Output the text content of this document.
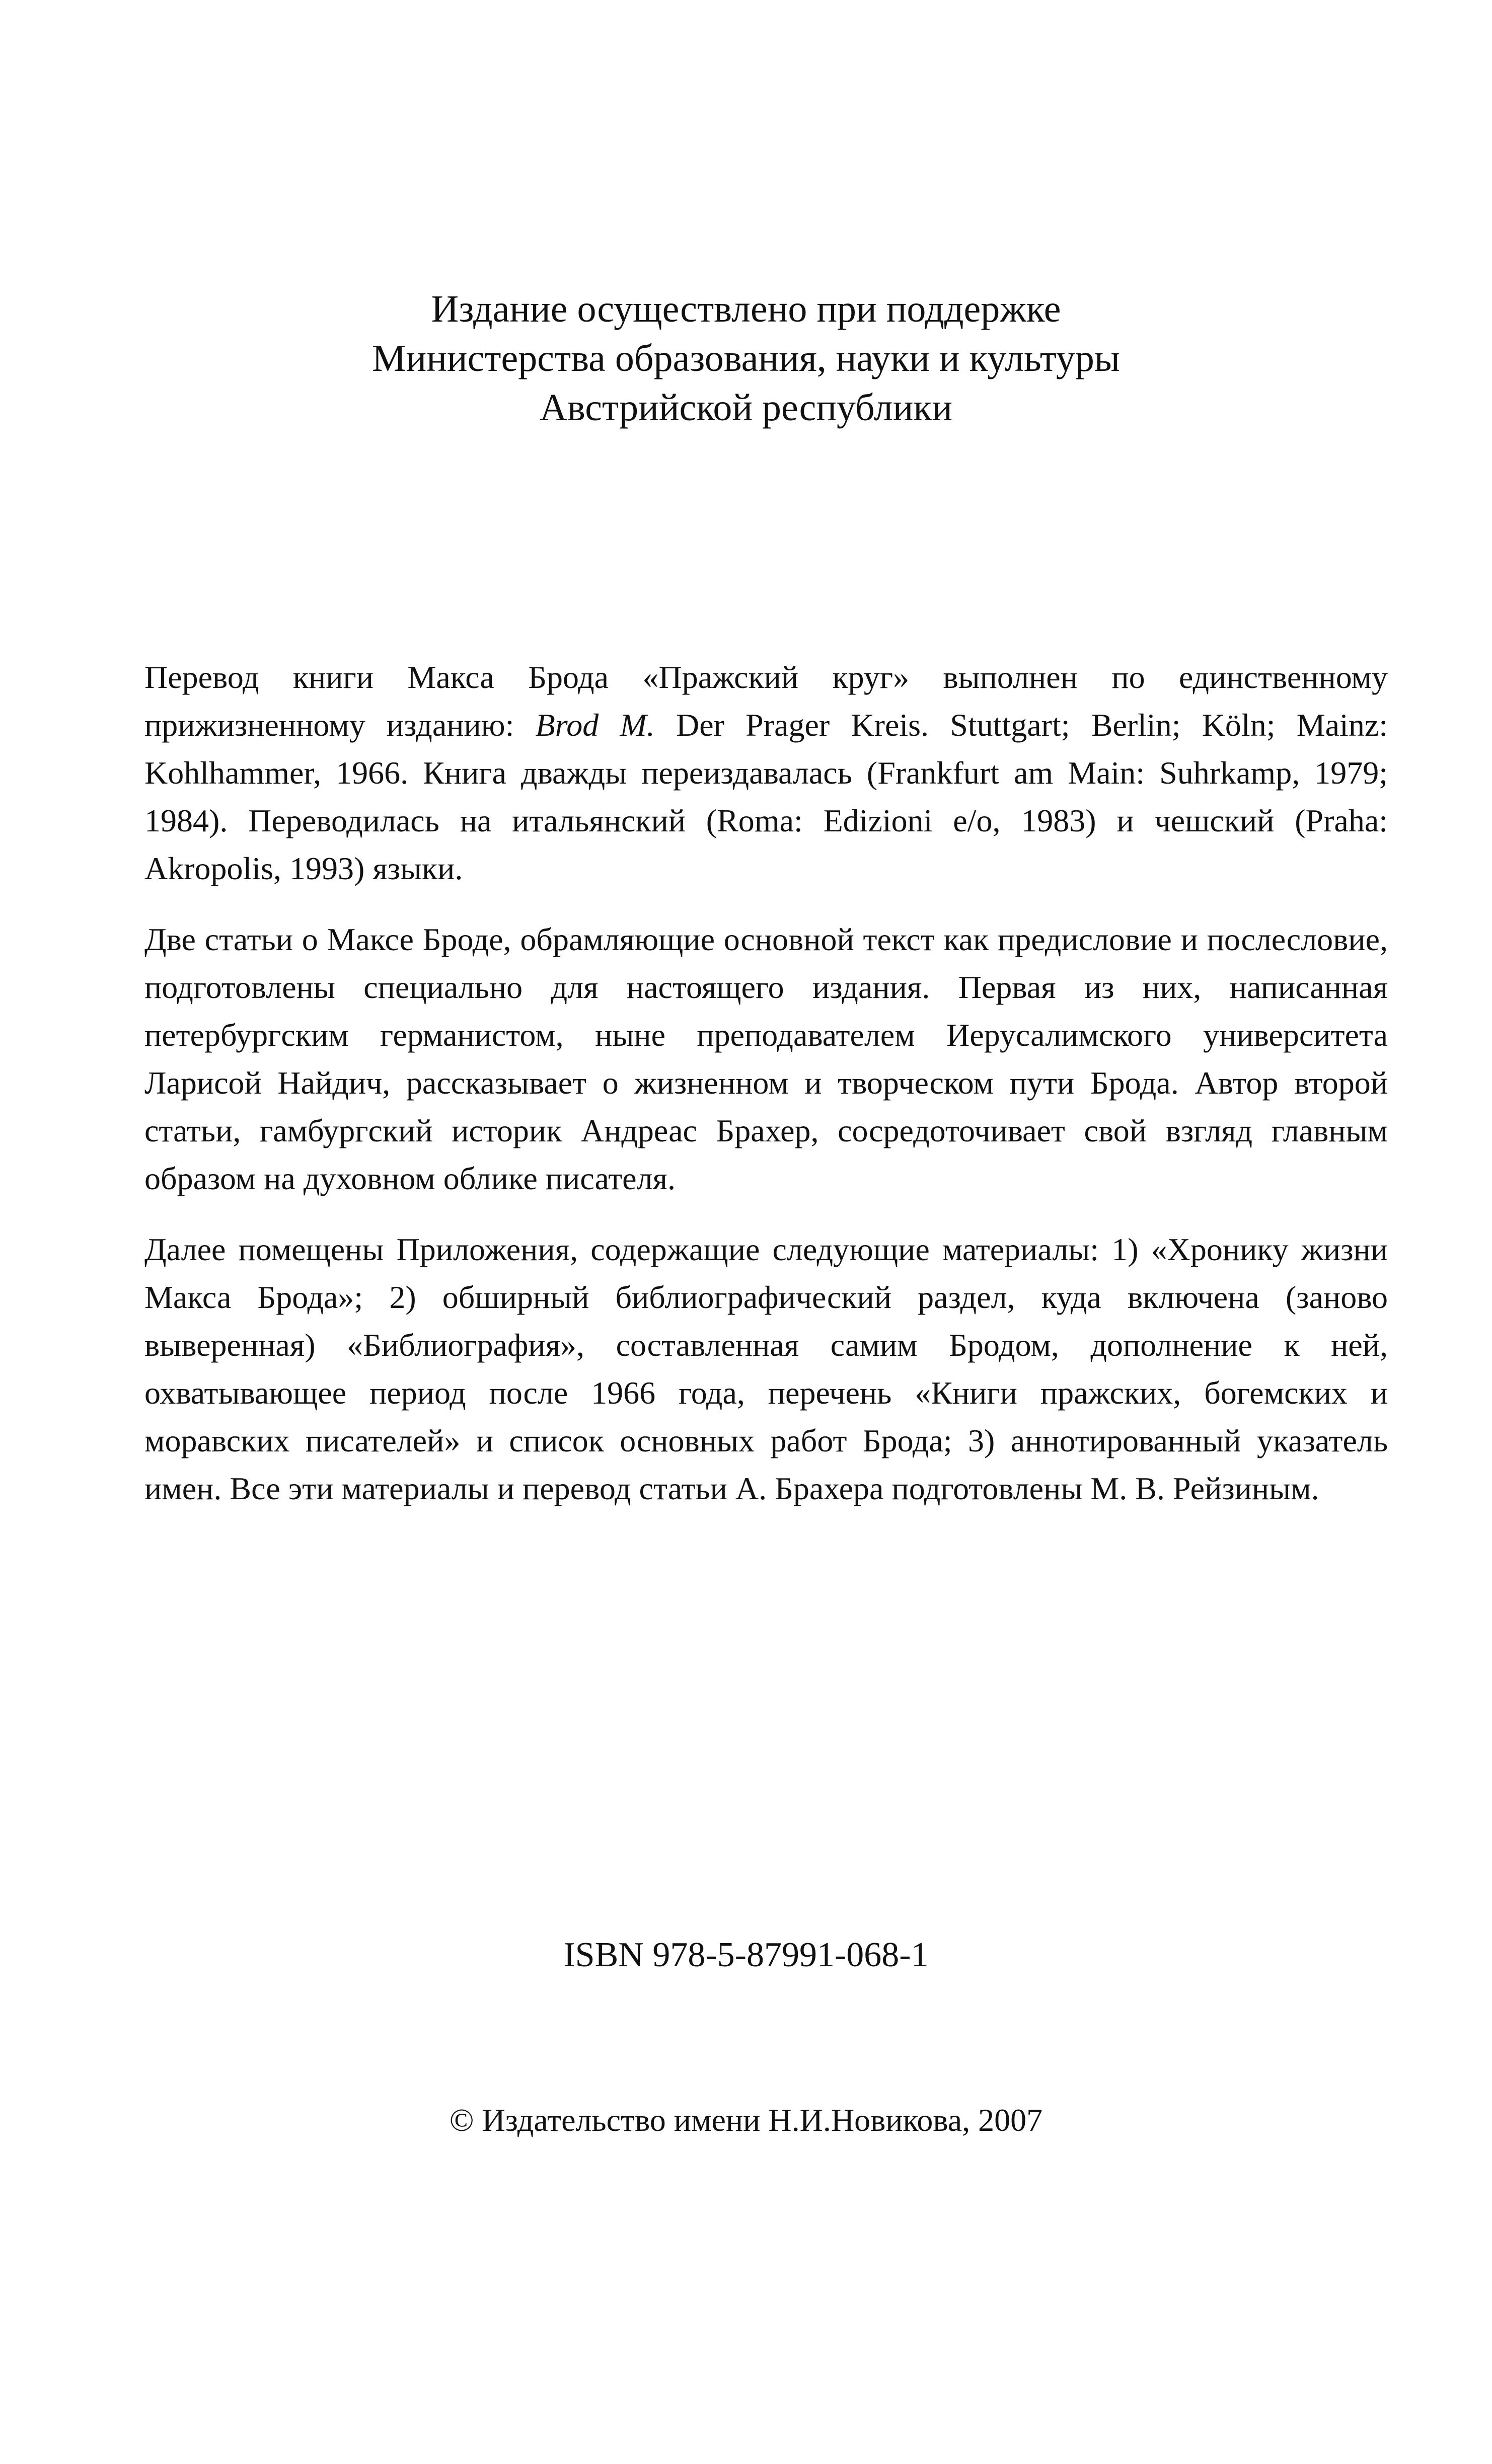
Издание осуществлено при поддержке
Министерства образования, науки и культуры
Австрийской республики

Перевод книги Макса Брода «Пражский круг» выполнен по единственному прижизненному изданию: Brod M. Der Prager Kreis. Stuttgart; Berlin; Köln; Mainz: Kohlhammer, 1966. Книга дважды переиздавалась (Frankfurt am Main: Suhrkamp, 1979; 1984). Переводилась на итальянский (Roma: Edizioni e/o, 1983) и чешский (Praha: Akropolis, 1993) языки.

Две статьи о Максе Броде, обрамляющие основной текст как предисловие и послесловие, подготовлены специально для настоящего издания. Первая из них, написанная петербургским германистом, ныне преподавателем Иерусалимского университета Ларисой Найдич, рассказывает о жизненном и творческом пути Брода. Автор второй статьи, гамбургский историк Андреас Брахер, сосредоточивает свой взгляд главным образом на духовном облике писателя.

Далее помещены Приложения, содержащие следующие материалы: 1) «Хронику жизни Макса Брода»; 2) обширный библиографический раздел, куда включена (заново выверенная) «Библиография», составленная самим Бродом, дополнение к ней, охватывающее период после 1966 года, перечень «Книги пражских, богемских и моравских писателей» и список основных работ Брода; 3) аннотированный указатель имен. Все эти материалы и перевод статьи А. Брахера подготовлены М. В. Рейзиным.

ISBN 978-5-87991-068-1
© Издательство имени Н.И.Новикова, 2007
